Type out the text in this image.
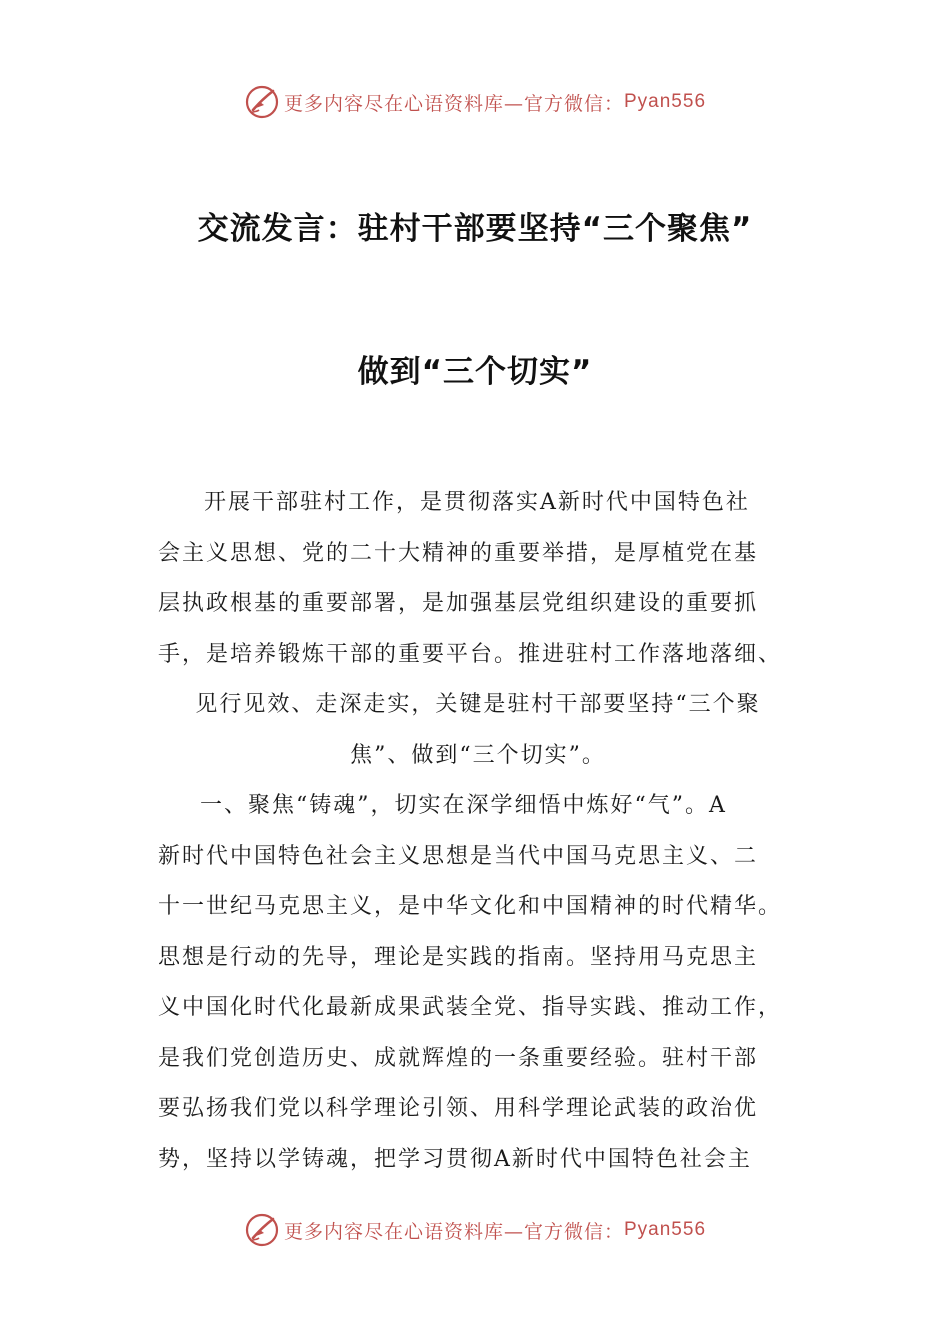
更多内容尽在心语资料库—官方微信： Pyan556
交流发言：驻村干部要坚持“三个聚焦”
做到“三个切实”
开展干部驻村工作，是贯彻落实A新时代中国特色社
会主义思想、党的二十大精神的重要举措，是厚植党在基
层执政根基的重要部署，是加强基层党组织建设的重要抓
手，是培养锻炼干部的重要平台。推进驻村工作落地落细、
见行见效、走深走实，关键是驻村干部要坚持“三个聚
焦”、做到“三个切实”。
一、聚焦“铸魂”，切实在深学细悟中炼好“气”。A
新时代中国特色社会主义思想是当代中国马克思主义、二
十一世纪马克思主义，是中华文化和中国精神的时代精华。
思想是行动的先导，理论是实践的指南。坚持用马克思主
义中国化时代化最新成果武装全党、指导实践、推动工作，
是我们党创造历史、成就辉煌的一条重要经验。驻村干部
要弘扬我们党以科学理论引领、用科学理论武装的政治优
势，坚持以学铸魂，把学习贯彻A新时代中国特色社会主
更多内容尽在心语资料库—官方微信： Pyan556
